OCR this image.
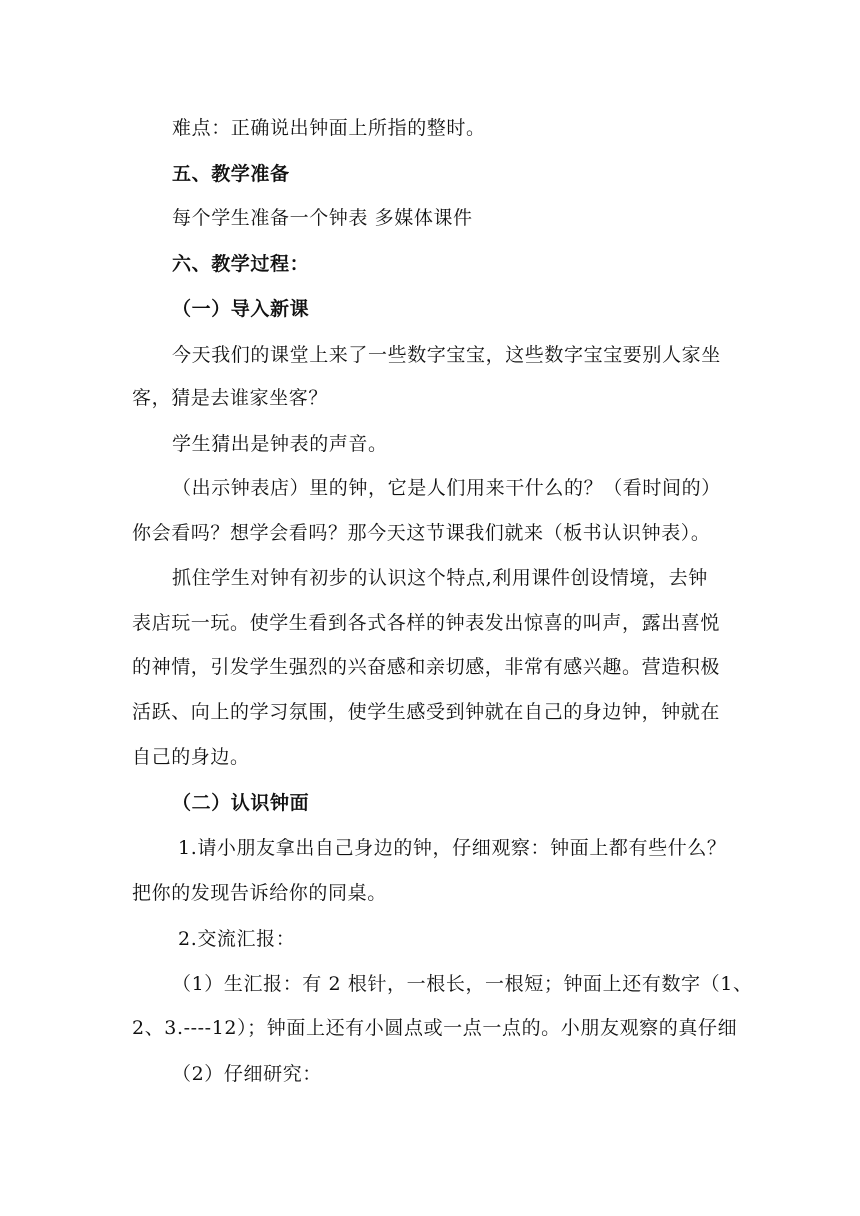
难点：正确说出钟面上所指的整时。
五、教学准备
每个学生准备一个钟表 多媒体课件
六、教学过程：
（一）导入新课
今天我们的课堂上来了一些数字宝宝，这些数字宝宝要别人家坐
客，猜是去谁家坐客？
学生猜出是钟表的声音。
（出示钟表店）里的钟，它是人们用来干什么的？（看时间的）
你会看吗？想学会看吗？那今天这节课我们就来（板书认识钟表）。
抓住学生对钟有初步的认识这个特点,利用课件创设情境，去钟
表店玩一玩。使学生看到各式各样的钟表发出惊喜的叫声，露出喜悦
的神情，引发学生强烈的兴奋感和亲切感，非常有感兴趣。营造积极
活跃、向上的学习氛围，使学生感受到钟就在自己的身边钟，钟就在
自己的身边。
（二）认识钟面
1.请小朋友拿出自己身边的钟，仔细观察：钟面上都有些什么？
把你的发现告诉给你的同桌。
2.交流汇报：
（1）生汇报：有 2 根针，一根长，一根短；钟面上还有数字（1、
2、3.----12）；钟面上还有小圆点或一点一点的。小朋友观察的真仔细
（2）仔细研究：
